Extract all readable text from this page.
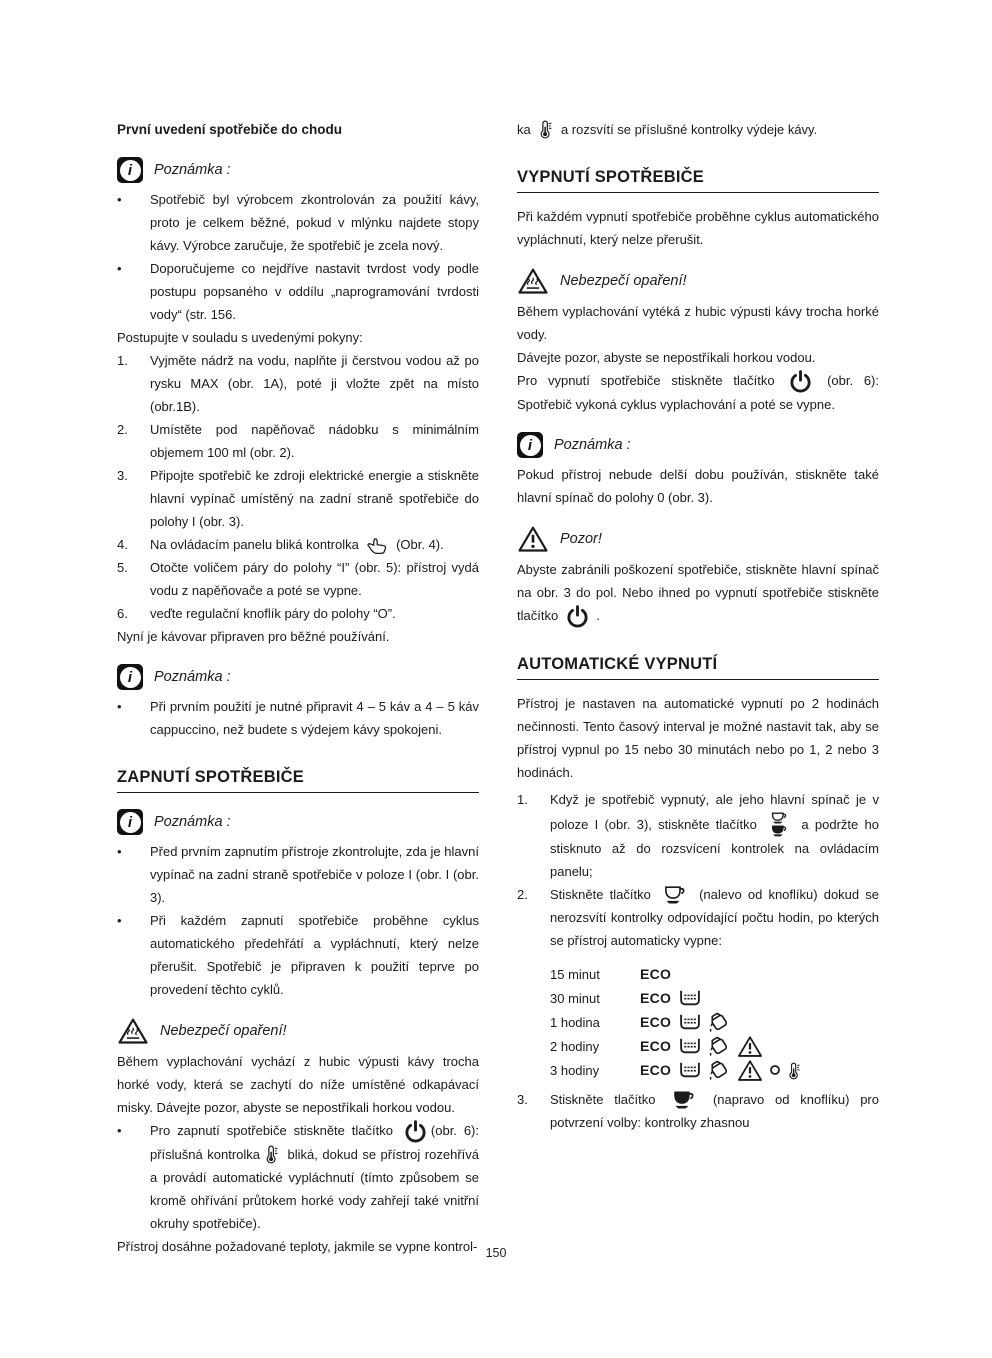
První uvedení spotřebiče do chodu
i	Poznámka :
•	Spotřebič byl výrobcem zkontrolován za použití kávy, proto je celkem běžné, pokud v mlýnku najdete stopy kávy. Výrobce zaručuje, že spotřebič je zcela nový.
•	Doporučujeme co nejdříve nastavit tvrdost vody podle postupu popsaného v oddílu „naprogramování tvrdosti vody“ (str. 156.

Postupujte v souladu s uvedenými pokyny:

1.	Vyjměte nádrž na vodu, naplňte ji čerstvou vodou až po rysku MAX (obr. 1A), poté ji vložte zpět na místo (obr.1B).
2.	Umístěte pod napěňovač nádobku s minimálním objemem 100 ml (obr. 2).
3.	Připojte spotřebič ke zdroji elektrické energie a stiskněte hlavní vypínač umístěný na zadní straně spotřebiče do polohy I (obr. 3).
4.	Na ovládacím panelu bliká kontrolka  (Obr. 4).
5.	Otočte voličem páry do polohy “I” (obr. 5): přístroj vydá vodu z napěňovače a poté se vypne.
6.	veďte regulační knoflík páry do polohy “O”.

Nyní je kávovar připraven pro běžné používání.

i	Poznámka :
•	Při prvním použití je nutné připravit 4 – 5 káv a 4 – 5 káv cappuccino, než budete s výdejem kávy spokojeni.
ZAPNUTÍ SPOTŘEBIČE
i	Poznámka :
•	Před prvním zapnutím přístroje zkontrolujte, zda je hlavní vypínač na zadní straně spotřebiče v poloze I (obr. I (obr. 3).
•	Při každém zapnutí spotřebiče proběhne cyklus automatického předehřátí a vypláchnutí, který nelze přerušit. Spotřebič je připraven k použití teprve po provedení těchto cyklů.
Nebezpečí opaření!

Během vyplachování vychází z hubic výpusti kávy trocha horké vody, která se zachytí do níže umístěné odkapávací misky. Dávejte pozor, abyste se nepostříkali horkou vodou.

•	Pro zapnutí spotřebiče stiskněte tlačítko (obr. 6): příslušná kontrolka bliká, dokud se přístroj rozehřívá a provádí automatické vypláchnutí (tímto způsobem se kromě ohřívání průtokem horké vody zahřejí také vnitřní okruhy spotřebiče).

Přístroj dosáhne požadované teploty, jakmile se vypne kontrol-

ka  a rozsvítí se příslušné kontrolky výdeje kávy.

VYPNUTÍ SPOTŘEBIČE

Při každém vypnutí spotřebiče proběhne cyklus automatického vypláchnutí, který nelze přerušit.

Nebezpečí opaření!

Během vyplachování vytéká z hubic výpusti kávy trocha horké vody.

Dávejte pozor, abyste se nepostříkali horkou vodou.

Pro vypnutí spotřebiče stiskněte tlačítko  (obr. 6): Spotřebič vykoná cyklus vyplachování a poté se vypne.

i	Poznámka :

Pokud přístroj nebude delší dobu používán, stiskněte také hlavní spínač do polohy 0 (obr. 3).

Pozor!

Abyste zabránili poškození spotřebiče, stiskněte hlavní spínač na obr. 3 do pol. Nebo ihned po vypnutí spotřebiče stiskněte tlačítko  .

AUTOMATICKÉ VYPNUTÍ

Přístroj je nastaven na automatické vypnutí po 2 hodinách nečinnosti. Tento časový interval je možné nastavit tak, aby se přístroj vypnul po 15 nebo 30 minutách nebo po 1, 2 nebo 3 hodinách.

1.	Když je spotřebič vypnutý, ale jeho hlavní spínač je v poloze I (obr. 3), stiskněte tlačítko  a podržte ho stisknuto až do rozsvícení kontrolek na ovládacím panelu;
2.	Stiskněte tlačítko	(nalevo od knoflíku) dokud se nerozsvítí kontrolky odpovídající počtu hodin, po kterých se přístroj automaticky vypne:
15 minut	ECO
30 minut	ECO
1 hodina	ECO
2 hodiny	ECO
3 hodiny	ECO
3.	Stiskněte tlačítko	(napravo od knoflíku) pro potvrzení volby: kontrolky zhasnou
150
